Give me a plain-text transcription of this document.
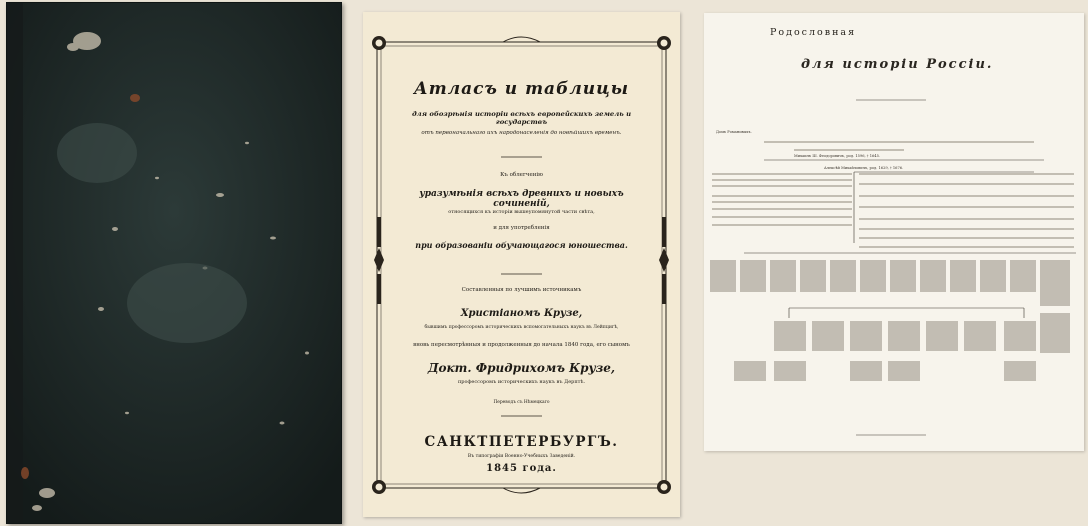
Атласъ и таблицы
для обозрѣнія исторіи всѣхъ европейскихъ земель и государствъ
отъ первоначальнаго ихъ народонаселенія до новѣйшихъ временъ.
Къ облегченію
уразумѣнія всѣхъ древнихъ и новыхъ сочиненій,
относящихся къ исторіи вышеупомянутой части свѣта,
и для употребленія
при образованіи обучающагося юношества.
Составленныя по лучшимъ источникамъ
Христіаномъ Крузе,
бывшимъ профессоромъ историческихъ вспомогательныхъ наукъ въ Лейпцигѣ,
вновь пересмотрѣнныя и продолженныя до начала 1840 года, его сыномъ
Докт. Фридрихомъ Крузе,
профессоромъ историческихъ наукъ въ Дерптѣ.
Переводъ съ Нѣмецкаго
САНКТПЕТЕРБУРГЪ.
Въ типографіи Военно-Учебныхъ Заведеній.
1845 года.
Родословная
для исторіи Россіи.
Домъ Романовыхъ.
Михаилъ III. Феодоровичъ, род. 1596, † 1645.
Алексѣй Михайловичъ, род. 1629, † 1676.
